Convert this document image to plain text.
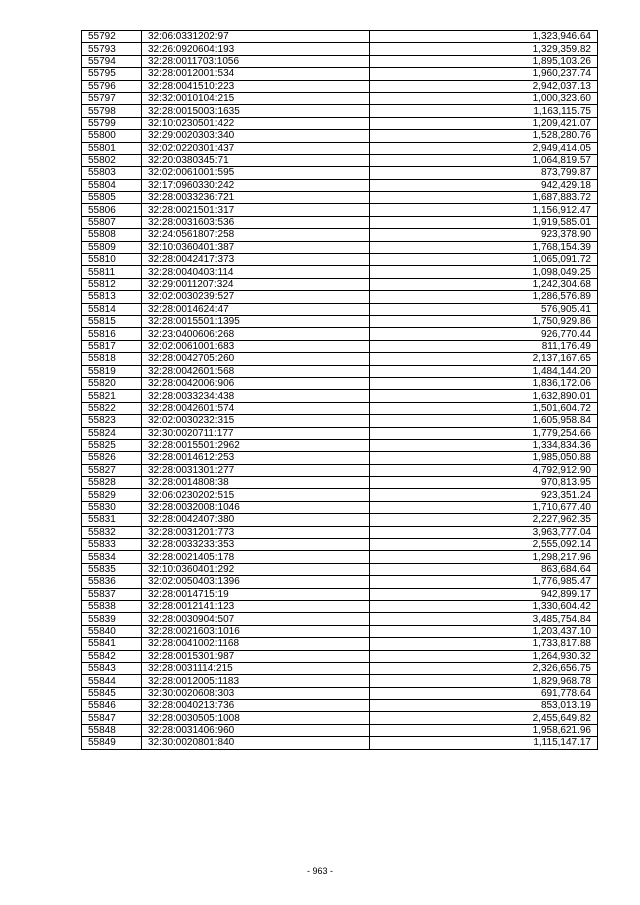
55792	32:06:0331202:97	1,323,946.64
55793	32:26:0920604:193	1,329,359.82
55794	32:28:0011703:1056	1,895,103.26
55795	32:28:0012001:534	1,960,237.74
55796	32:28:0041510:223	2,942,037.13
55797	32:32:0010104:215	1,000,323.60
55798	32:28:0015003:1635	1,163,115.75
55799	32:10:0230501:422	1,209,421.07
55800	32:29:0020303:340	1,528,280.76
55801	32:02:0220301:437	2,949,414.05
55802	32:20:0380345:71	1,064,819.57
55803	32:02:0061001:595	873,799.87
55804	32:17:0960330:242	942,429.18
55805	32:28:0033236:721	1,687,883.72
55806	32:28:0021501:317	1,156,912.47
55807	32:28:0031603:536	1,919,585.01
55808	32:24:0561807:258	923,378.90
55809	32:10:0360401:387	1,768,154.39
55810	32:28:0042417:373	1,065,091.72
55811	32:28:0040403:114	1,098,049.25
55812	32:29:0011207:324	1,242,304.68
55813	32:02:0030239:527	1,286,576.89
55814	32:28:0014624:47	576,905.41
55815	32:28:0015501:1395	1,750,929.86
55816	32:23:0400606:268	926,770.44
55817	32:02:0061001:683	811,176.49
55818	32:28:0042705:260	2,137,167.65
55819	32:28:0042601:568	1,484,144.20
55820	32:28:0042006:906	1,836,172.06
55821	32:28:0033234:438	1,632,890.01
55822	32:28:0042601:574	1,501,604.72
55823	32:02:0030232:315	1,605,958.84
55824	32:30:0020711:177	1,779,254.66
55825	32:28:0015501:2962	1,334,834.36
55826	32:28:0014612:253	1,985,050.88
55827	32:28:0031301:277	4,792,912.90
55828	32:28:0014808:38	970,813.95
55829	32:06:0230202:515	923,351.24
55830	32:28:0032008:1046	1,710,677.40
55831	32:28:0042407:380	2,227,962.35
55832	32:28:0031201:773	3,963,777.04
55833	32:28:0033233:353	2,555,092.14
55834	32:28:0021405:178	1,298,217.96
55835	32:10:0360401:292	863,684.64
55836	32:02:0050403:1396	1,776,985.47
55837	32:28:0014715:19	942,899.17
55838	32:28:0012141:123	1,330,604.42
55839	32:28:0030904:507	3,485,754.84
55840	32:28:0021603:1016	1,203,437.10
55841	32:28:0041002:1168	1,733,817.88
55842	32:28:0015301:987	1,264,930.32
55843	32:28:0031114:215	2,326,656.75
55844	32:28:0012005:1183	1,829,968.78
55845	32:30:0020608:303	691,778.64
55846	32:28:0040213:736	853,013.19
55847	32:28:0030505:1008	2,455,649.82
55848	32:28:0031406:960	1,958,621.96
55849	32:30:0020801:840	1,115,147.17
- 963 -
